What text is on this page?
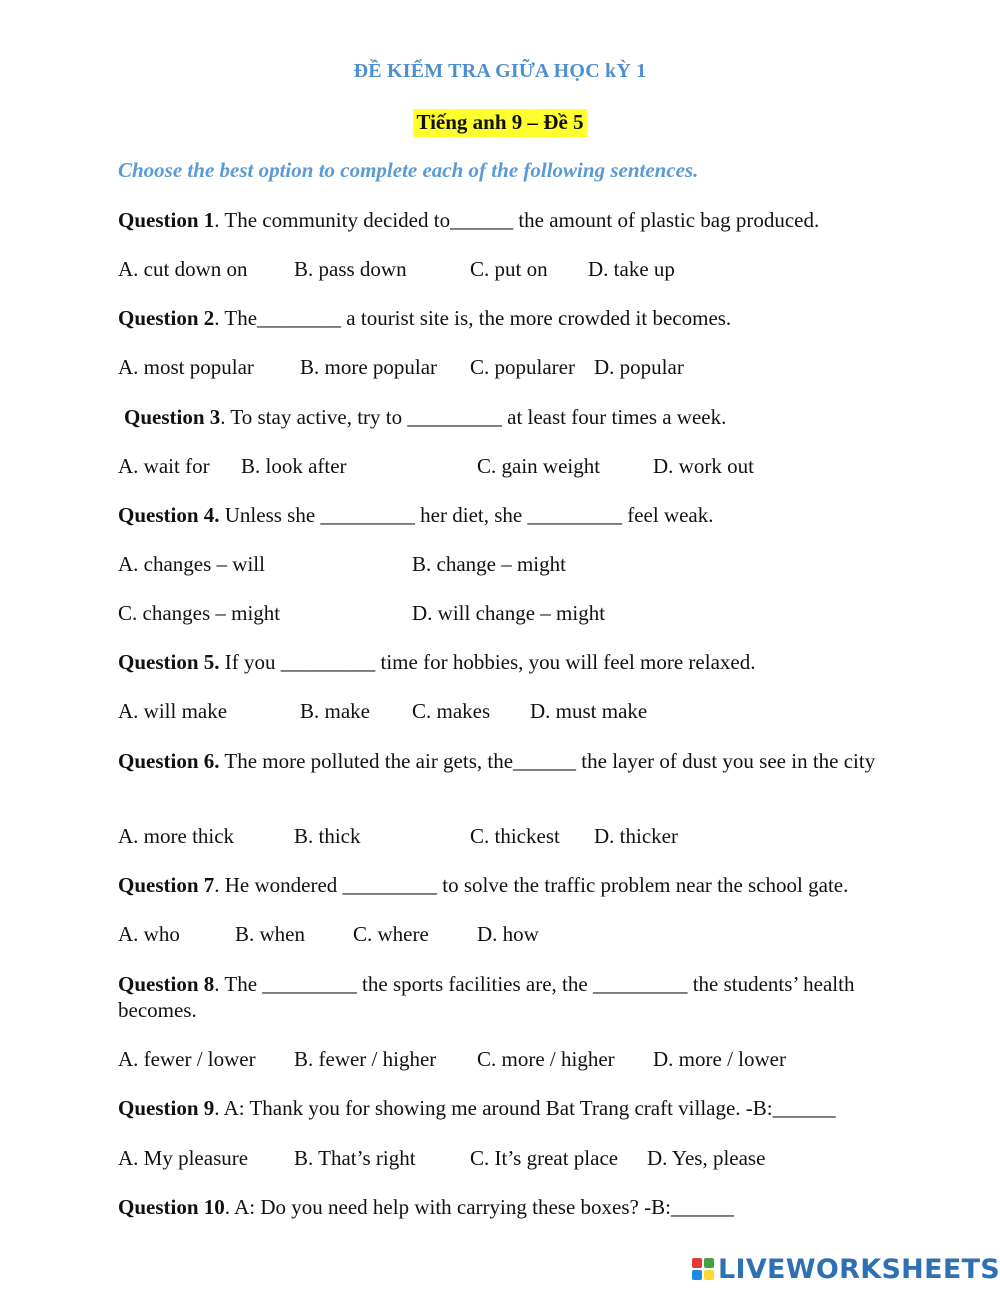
ĐỀ KIỂM TRA GIỮA HỌC kỲ 1
Tiếng anh 9 – Đề 5
Choose the best option to complete each of the following sentences.
Question 1. The community decided to______ the amount of plastic bag produced.
A. cut down on B. pass down	C. put on D. take up
Question 2. The________ a tourist site is, the more crowded it becomes.
A. most popular B. more popular C. popularer D. popular
Question 3. To stay active, try to _________ at least four times a week.
A. wait for B. look after	C. gain weight	D. work out
Question 4. Unless she _________ her diet, she _________ feel weak.
A. changes – will	B. change – might
C. changes – might	D. will change – might
Question 5. If you _________ time for hobbies, you will feel more relaxed.
A. will make	B. make C. makes D. must make
Question 6. The more polluted the air gets, the______ the layer of dust you see in the city
A. more thick	B. thick	C. thickest D. thicker
Question 7. He wondered _________ to solve the traffic problem near the school gate.
A. who	B. when C. where D. how
Question 8. The _________ the sports facilities are, the _________ the students’ health becomes.
A. fewer / lower B. fewer / higher C. more / higher D. more / lower
Question 9. A: Thank you for showing me around Bat Trang craft village. -B:______
A. My pleasure B. That’s right	C. It’s great place D. Yes, please
Question 10. A: Do you need help with carrying these boxes? -B:______
LIVEWORKSHEETS
